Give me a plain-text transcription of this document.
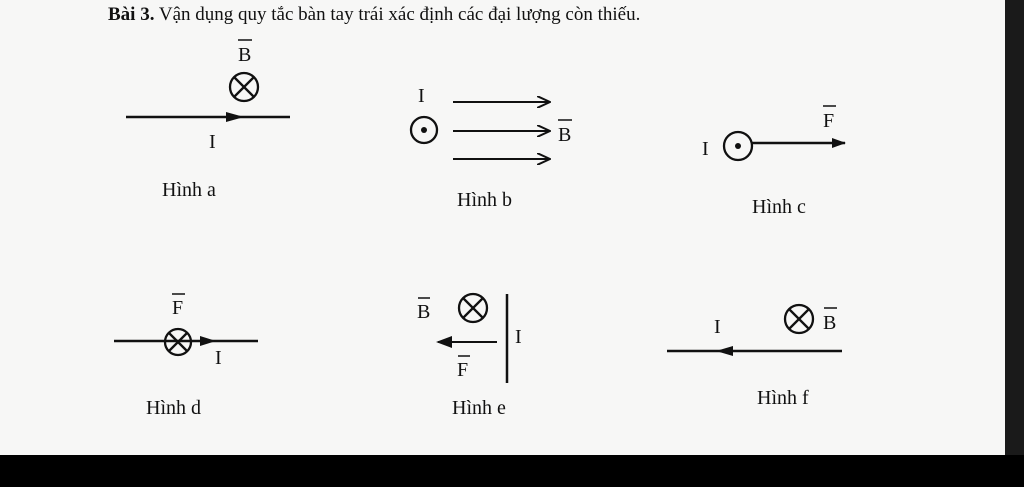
Bài 3. Vận dụng quy tắc bàn tay trái xác định các đại lượng còn thiếu.
B
I
Hình a
I
B
Hình b
I
F
Hình c
F
I
Hình d
B
I
F
Hình e
I	B
Hình f
